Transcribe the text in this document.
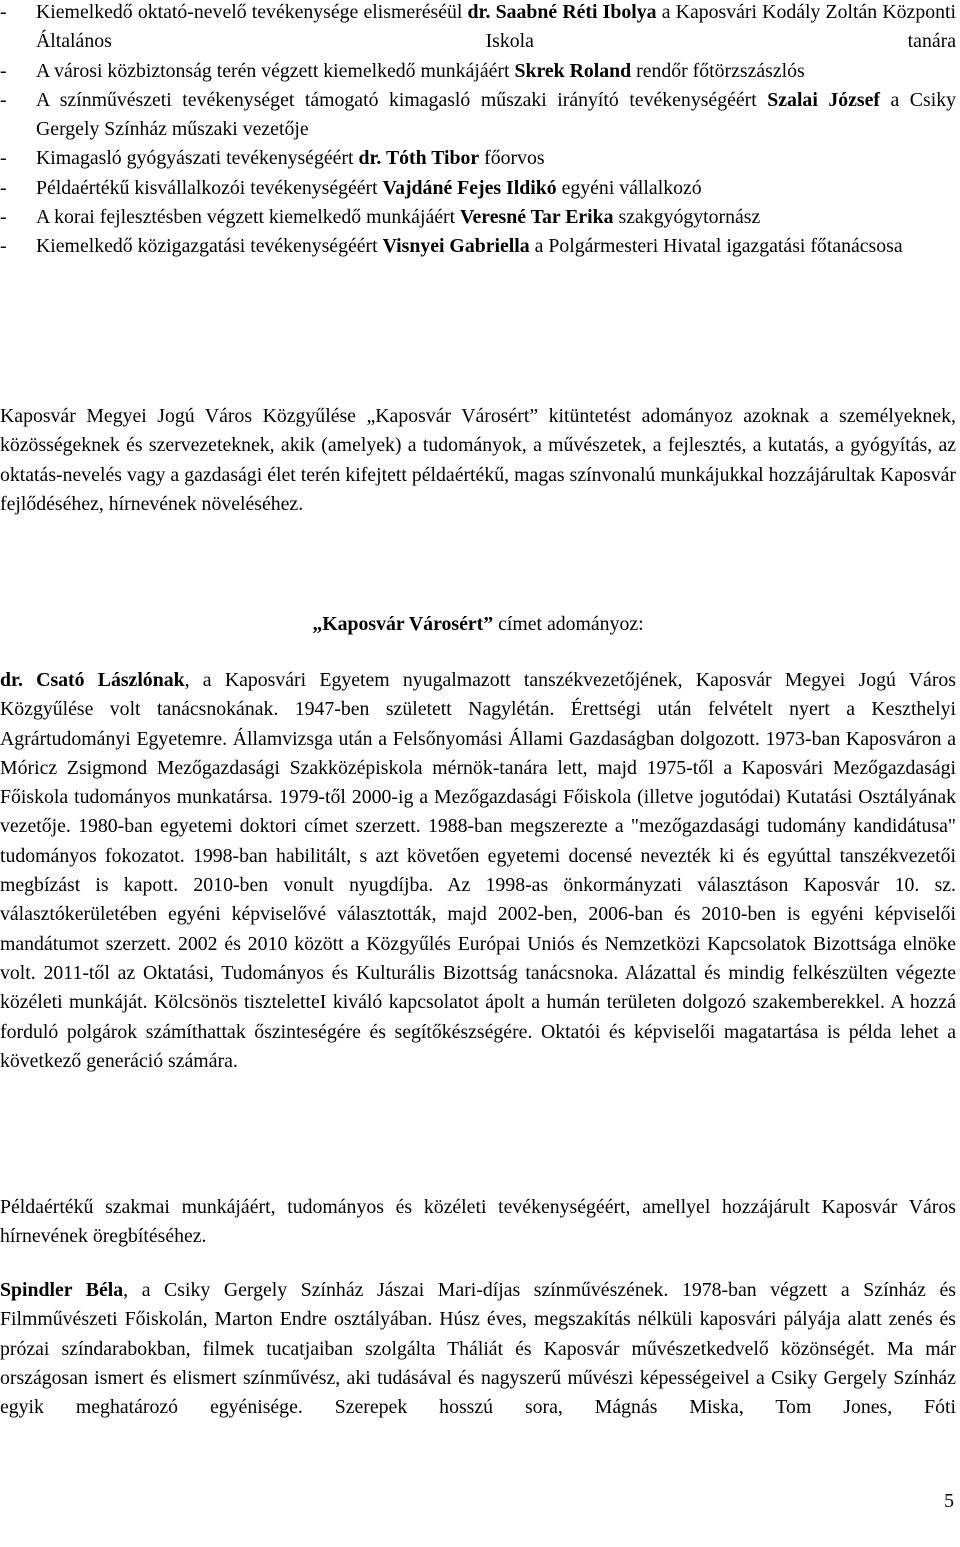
-	Kiemelkedő oktató-nevelő tevékenysége elismeréséül dr. Saabné Réti Ibolya a Kaposvári Kodály Zoltán Központi Általános Iskola tanára
-	A városi közbiztonság terén végzett kiemelkedő munkájáért Skrek Roland rendőr főtörzszászlós
-	A színművészeti tevékenységet támogató kimagasló műszaki irányító tevékenységéért Szalai József a Csiky Gergely Színház műszaki vezetője
-	Kimagasló gyógyászati tevékenységéért dr. Tóth Tibor főorvos
-	Példaértékű kisvállalkozói tevékenységéért Vajdáné Fejes Ildikó egyéni vállalkozó
-	A korai fejlesztésben végzett kiemelkedő munkájáért Veresné Tar Erika szakgyógytornász
-	Kiemelkedő közigazgatási tevékenységéért Visnyei Gabriella a Polgármesteri Hivatal igazgatási főtanácsosa

Kaposvár Megyei Jogú Város Közgyűlése „Kaposvár Városért” kitüntetést adományoz azoknak a személyeknek, közösségeknek és szervezeteknek, akik (amelyek) a tudományok, a művészetek, a fejlesztés, a kutatás, a gyógyítás, az oktatás-nevelés vagy a gazdasági élet terén kifejtett példaértékű, magas színvonalú munkájukkal hozzájárultak Kaposvár fejlődéséhez, hírnevének növeléséhez.

„Kaposvár Városért” címet adományoz:

dr. Csató Lászlónak, a Kaposvári Egyetem nyugalmazott tanszékvezetőjének, Kaposvár Megyei Jogú Város Közgyűlése volt tanácsnokának. 1947-ben született Nagylétán. Érettségi után felvételt nyert a Keszthelyi Agrártudományi Egyetemre. Államvizsga után a Felsőnyomási Állami Gazdaságban dolgozott. 1973-ban Kaposváron a Móricz Zsigmond Mezőgazdasági Szakközépiskola mérnök-tanára lett, majd 1975-től a Kaposvári Mezőgazdasági Főiskola tudományos munkatársa. 1979-től 2000-ig a Mezőgazdasági Főiskola (illetve jogutódai) Kutatási Osztályának vezetője. 1980-ban egyetemi doktori címet szerzett. 1988-ban megszerezte a "mezőgazdasági tudomány kandidátusa" tudományos fokozatot. 1998-ban habilitált, s azt követően egyetemi docensé nevezték ki és egyúttal tanszékvezetői megbízást is kapott. 2010-ben vonult nyugdíjba. Az 1998-as önkormányzati választáson Kaposvár 10. sz. választókerületében egyéni képviselővé választották, majd 2002-ben, 2006-ban és 2010-ben is egyéni képviselői mandátumot szerzett. 2002 és 2010 között a Közgyűlés Európai Uniós és Nemzetközi Kapcsolatok Bizottsága elnöke volt. 2011-től az Oktatási, Tudományos és Kulturális Bizottság tanácsnoka. Alázattal és mindig felkészülten végezte közéleti munkáját. Kölcsönös tiszteletteI kiváló kapcsolatot ápolt a humán területen dolgozó szakemberekkel. A hozzá forduló polgárok számíthattak őszinteségére és segítőkészségére. Oktatói és képviselői magatartása is példa lehet a következő generáció számára.

Példaértékű szakmai munkájáért, tudományos és közéleti tevékenységéért, amellyel hozzájárult Kaposvár Város hírnevének öregbítéséhez.

Spindler Béla, a Csiky Gergely Színház Jászai Mari-díjas színművészének. 1978-ban végzett a Színház és Filmművészeti Főiskolán, Marton Endre osztályában. Húsz éves, megszakítás nélküli kaposvári pályája alatt zenés és prózai színdarabokban, filmek tucatjaiban szolgálta Tháliát és Kaposvár művészetkedvelő közönségét. Ma már országosan ismert és elismert színművész, aki tudásával és nagyszerű művészi képességeivel a Csiky Gergely Színház egyik meghatározó egyénisége. Szerepek hosszú sora, Mágnás Miska, Tom Jones, Fóti

5
